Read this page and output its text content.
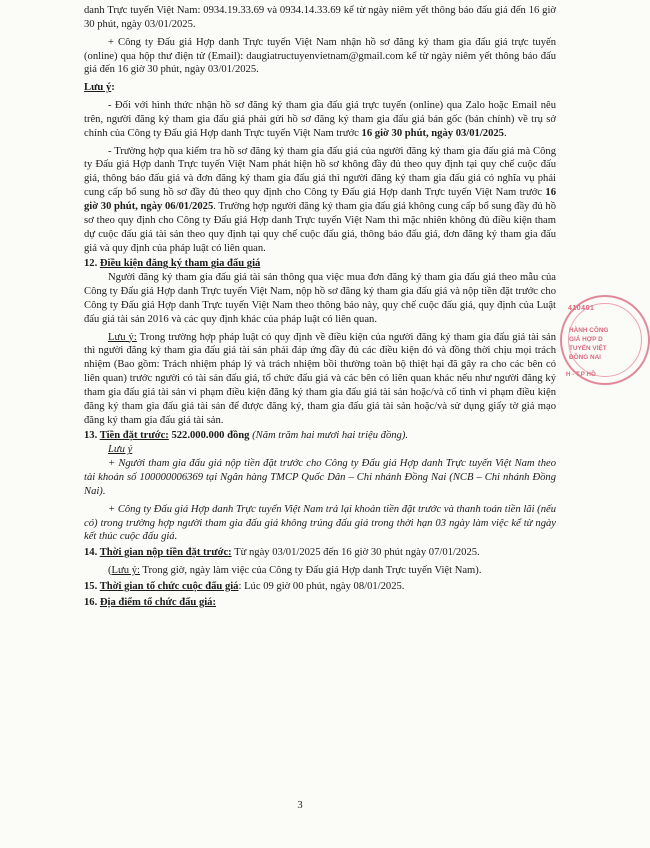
danh Trực tuyến Việt Nam: 0934.19.33.69 và 0934.14.33.69 kể từ ngày niêm yết thông báo đấu giá đến 16 giờ 30 phút, ngày 03/01/2025.

+ Công ty Đấu giá Hợp danh Trực tuyến Việt Nam nhận hồ sơ đăng ký tham gia đấu giá trực tuyến (online) qua hộp thư điện tử (Email): daugiatructuyenvietnam@gmail.com kể từ ngày niêm yết thông báo đấu giá đến 16 giờ 30 phút, ngày 03/01/2025.

Lưu ý:

- Đối với hình thức nhận hồ sơ đăng ký tham gia đấu giá trực tuyến (online) qua Zalo hoặc Email nêu trên, người đăng ký tham gia đấu giá phải gửi hồ sơ đăng ký tham gia đấu giá bản gốc (bản chính) về trụ sở chính của Công ty Đấu giá Hợp danh Trực tuyến Việt Nam trước 16 giờ 30 phút, ngày 03/01/2025.

- Trường hợp qua kiểm tra hồ sơ đăng ký tham gia đấu giá của người đăng ký tham gia đấu giá mà Công ty Đấu giá Hợp danh Trực tuyến Việt Nam phát hiện hồ sơ không đầy đủ theo quy định tại quy chế cuộc đấu giá, thông báo đấu giá và đơn đăng ký tham gia đấu giá thì người đăng ký tham gia đấu giá có nghĩa vụ phải cung cấp bổ sung hồ sơ đầy đủ theo quy định cho Công ty Đấu giá Hợp danh Trực tuyến Việt Nam trước 16 giờ 30 phút, ngày 06/01/2025. Trường hợp người đăng ký tham gia đấu giá không cung cấp bổ sung đầy đủ hồ sơ theo quy định cho Công ty Đấu giá Hợp danh Trực tuyến Việt Nam thì mặc nhiên không đủ điều kiện tham dự cuộc đấu giá tài sản theo quy định tại quy chế cuộc đấu giá, thông báo đấu giá, đơn đăng ký tham gia đấu giá và quy định của pháp luật có liên quan.

12. Điều kiện đăng ký tham gia đấu giá

Người đăng ký tham gia đấu giá tài sản thông qua việc mua đơn đăng ký tham gia đấu giá theo mẫu của Công ty Đấu giá Hợp danh Trực tuyến Việt Nam, nộp hồ sơ đăng ký tham gia đấu giá và nộp tiền đặt trước cho Công ty Đấu giá Hợp danh Trực tuyến Việt Nam theo thông báo này, quy chế cuộc đấu giá, quy định của Luật đấu giá tài sản 2016 và các quy định khác của pháp luật có liên quan.

Lưu ý: Trong trường hợp pháp luật có quy định về điều kiện của người đăng ký tham gia đấu giá tài sản thì người đăng ký tham gia đấu giá tài sản phải đáp ứng đầy đủ các điều kiện đó và đồng thời chịu mọi trách nhiệm (Bao gồm: Trách nhiệm pháp lý và trách nhiệm bồi thường toàn bộ thiệt hại đã gây ra cho các bên có liên quan) trước người có tài sản đấu giá, tổ chức đấu giá và các bên có liên quan khác nếu như người đăng ký tham gia đấu giá tài sản vi phạm điều kiện đăng ký tham gia đấu giá tài sản hoặc/và cố tình vi phạm điều kiện đăng ký tham gia đấu giá tài sản để được đăng ký, tham gia đấu giá tài sản hoặc/và sử dụng giấy tờ giả mạo đăng ký tham gia đấu giá tài sản.

13. Tiền đặt trước: 522.000.000 đồng (Năm trăm hai mươi hai triệu đồng).

Lưu ý

+ Người tham gia đấu giá nộp tiền đặt trước cho Công ty Đấu giá Hợp danh Trực tuyến Việt Nam theo tài khoản số 100000006369 tại Ngân hàng TMCP Quốc Dân – Chi nhánh Đồng Nai (NCB – Chi nhánh Đồng Nai).

+ Công ty Đấu giá Hợp danh Trực tuyến Việt Nam trả lại khoản tiền đặt trước và thanh toán tiền lãi (nếu có) trong trường hợp người tham gia đấu giá không trúng đấu giá trong thời hạn 03 ngày làm việc kể từ ngày kết thúc cuộc đấu giá.

14. Thời gian nộp tiền đặt trước: Từ ngày 03/01/2025 đến 16 giờ 30 phút ngày 07/01/2025.

(Lưu ý: Trong giờ, ngày làm việc của Công ty Đấu giá Hợp danh Trực tuyến Việt Nam).

15. Thời gian tổ chức cuộc đấu giá: Lúc 09 giờ 00 phút, ngày 08/01/2025.

16. Địa điểm tổ chức đấu giá:

410401
HÀNH CÔNG
GIÁ HỢP D
TUYẾN VIỆT
ĐỒNG NAI
H - T.P HỒ
3
